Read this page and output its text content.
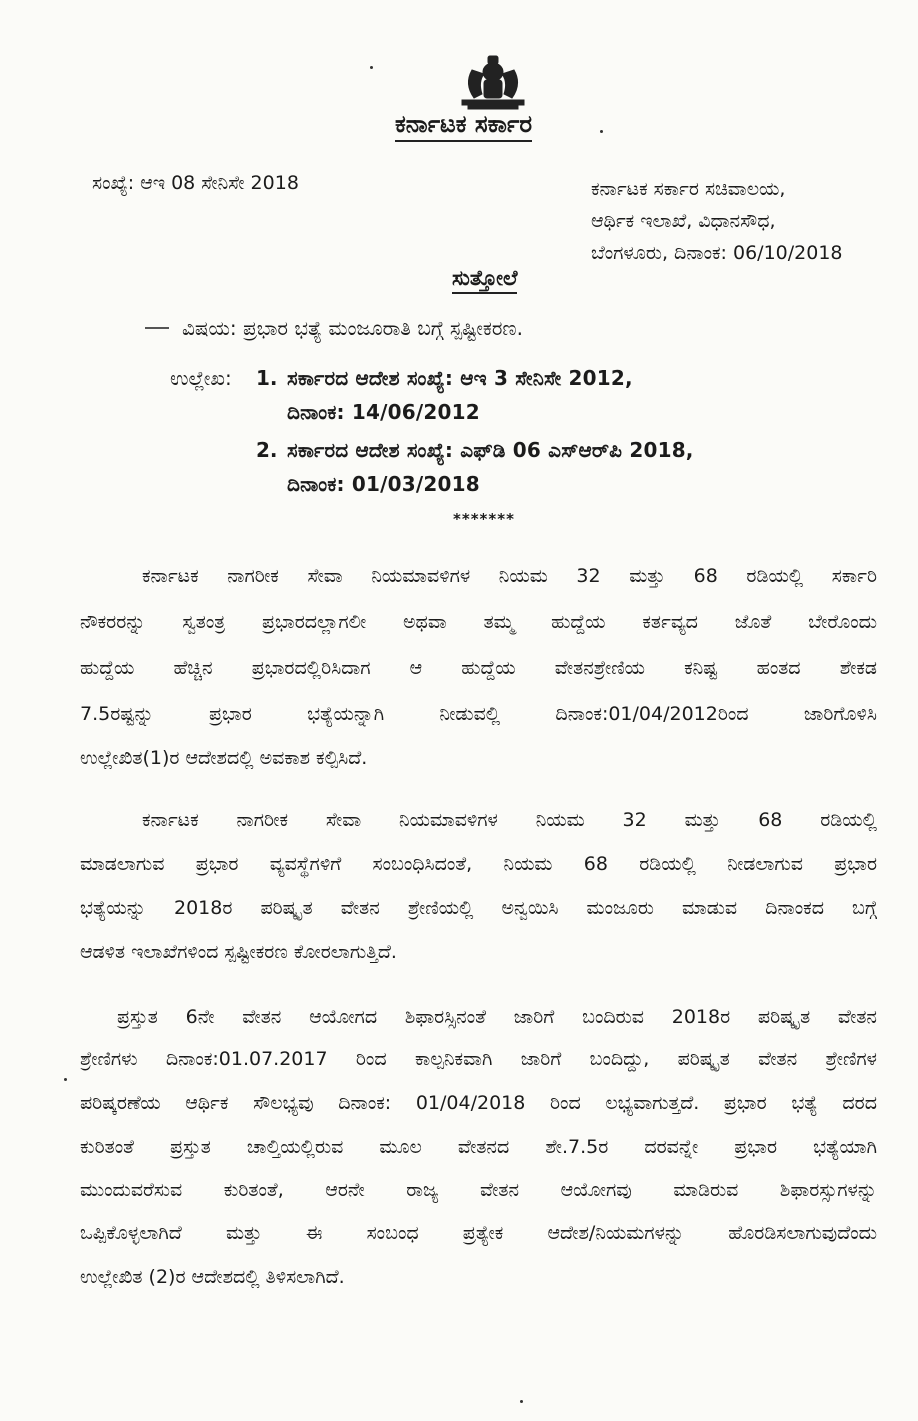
ಕರ್ನಾಟಕ ಸರ್ಕಾರ
ಸಂಖ್ಯೆ: ಆಇ 08 ಸೇನಿಸೇ 2018	ಕರ್ನಾಟಕ ಸರ್ಕಾರ ಸಚಿವಾಲಯ,
ಆರ್ಥಿಕ ಇಲಾಖೆ, ವಿಧಾನಸೌಧ,
ಬೆಂಗಳೂರು, ದಿನಾಂಕ: 06/10/2018
ಸುತ್ತೋಲೆ
ವಿಷಯ: ಪ್ರಭಾರ ಭತ್ಯೆ ಮಂಜೂರಾತಿ ಬಗ್ಗೆ ಸ್ಪಷ್ಟೀಕರಣ.
ಉಲ್ಲೇಖ: 1. ಸರ್ಕಾರದ ಆದೇಶ ಸಂಖ್ಯೆ: ಆಇ 3 ಸೇನಿಸೇ 2012,
ದಿನಾಂಕ: 14/06/2012
2. ಸರ್ಕಾರದ ಆದೇಶ ಸಂಖ್ಯೆ: ಎಫ್‌ಡಿ 06 ಎಸ್‌ಆರ್‌ಪಿ 2018,
ದಿನಾಂಕ: 01/03/2018
*******
ಕರ್ನಾಟಕ ನಾಗರೀಕ ಸೇವಾ ನಿಯಮಾವಳಿಗಳ ನಿಯಮ 32 ಮತ್ತು 68 ರಡಿಯಲ್ಲಿ ಸರ್ಕಾರಿ
ನೌಕರರನ್ನು ಸ್ವತಂತ್ರ ಪ್ರಭಾರದಲ್ಲಾಗಲೀ ಅಥವಾ ತಮ್ಮ ಹುದ್ದೆಯ ಕರ್ತವ್ಯದ ಜೊತೆ ಬೇರೊಂದು
ಹುದ್ದೆಯ ಹೆಚ್ಚಿನ ಪ್ರಭಾರದಲ್ಲಿರಿಸಿದಾಗ ಆ ಹುದ್ದೆಯ ವೇತನಶ್ರೇಣಿಯ ಕನಿಷ್ಟ ಹಂತದ ಶೇಕಡ
7.5ರಷ್ಟನ್ನು ಪ್ರಭಾರ ಭತ್ಯೆಯನ್ನಾಗಿ ನೀಡುವಲ್ಲಿ ದಿನಾಂಕ:01/04/2012ರಿಂದ ಜಾರಿಗೊಳಿಸಿ
ಉಲ್ಲೇಖಿತ(1)ರ ಆದೇಶದಲ್ಲಿ ಅವಕಾಶ ಕಲ್ಪಿಸಿದೆ.
ಕರ್ನಾಟಕ ನಾಗರೀಕ ಸೇವಾ ನಿಯಮಾವಳಿಗಳ ನಿಯಮ 32 ಮತ್ತು 68 ರಡಿಯಲ್ಲಿ
ಮಾಡಲಾಗುವ ಪ್ರಭಾರ ವ್ಯವಸ್ಥೆಗಳಿಗೆ ಸಂಬಂಧಿಸಿದಂತೆ, ನಿಯಮ 68 ರಡಿಯಲ್ಲಿ ನೀಡಲಾಗುವ ಪ್ರಭಾರ
ಭತ್ಯೆಯನ್ನು 2018ರ ಪರಿಷ್ಕೃತ ವೇತನ ಶ್ರೇಣಿಯಲ್ಲಿ ಅನ್ವಯಿಸಿ ಮಂಜೂರು ಮಾಡುವ ದಿನಾಂಕದ ಬಗ್ಗೆ
ಆಡಳಿತ ಇಲಾಖೆಗಳಿಂದ ಸ್ಪಷ್ಟೀಕರಣ ಕೋರಲಾಗುತ್ತಿದೆ.
ಪ್ರಸ್ತುತ 6ನೇ ವೇತನ ಆಯೋಗದ ಶಿಫಾರಸ್ಸಿನಂತೆ ಜಾರಿಗೆ ಬಂದಿರುವ 2018ರ ಪರಿಷ್ಕೃತ ವೇತನ
ಶ್ರೇಣಿಗಳು ದಿನಾಂಕ:01.07.2017 ರಿಂದ ಕಾಲ್ಪನಿಕವಾಗಿ ಜಾರಿಗೆ ಬಂದಿದ್ದು, ಪರಿಷ್ಕೃತ ವೇತನ ಶ್ರೇಣಿಗಳ
ಪರಿಷ್ಕರಣೆಯ ಆರ್ಥಿಕ ಸೌಲಭ್ಯವು ದಿನಾಂಕ: 01/04/2018 ರಿಂದ ಲಭ್ಯವಾಗುತ್ತದೆ. ಪ್ರಭಾರ ಭತ್ಯೆ ದರದ
ಕುರಿತಂತೆ ಪ್ರಸ್ತುತ ಚಾಲ್ತಿಯಲ್ಲಿರುವ ಮೂಲ ವೇತನದ ಶೇ.7.5ರ ದರವನ್ನೇ ಪ್ರಭಾರ ಭತ್ಯೆಯಾಗಿ
ಮುಂದುವರೆಸುವ ಕುರಿತಂತೆ, ಆರನೇ ರಾಜ್ಯ ವೇತನ ಆಯೋಗವು ಮಾಡಿರುವ ಶಿಫಾರಸ್ಸುಗಳನ್ನು
ಒಪ್ಪಿಕೊಳ್ಳಲಾಗಿದೆ ಮತ್ತು ಈ ಸಂಬಂಧ ಪ್ರತ್ಯೇಕ ಆದೇಶ/ನಿಯಮಗಳನ್ನು ಹೊರಡಿಸಲಾಗುವುದೆಂದು
ಉಲ್ಲೇಖಿತ (2)ರ ಆದೇಶದಲ್ಲಿ ತಿಳಿಸಲಾಗಿದೆ.
